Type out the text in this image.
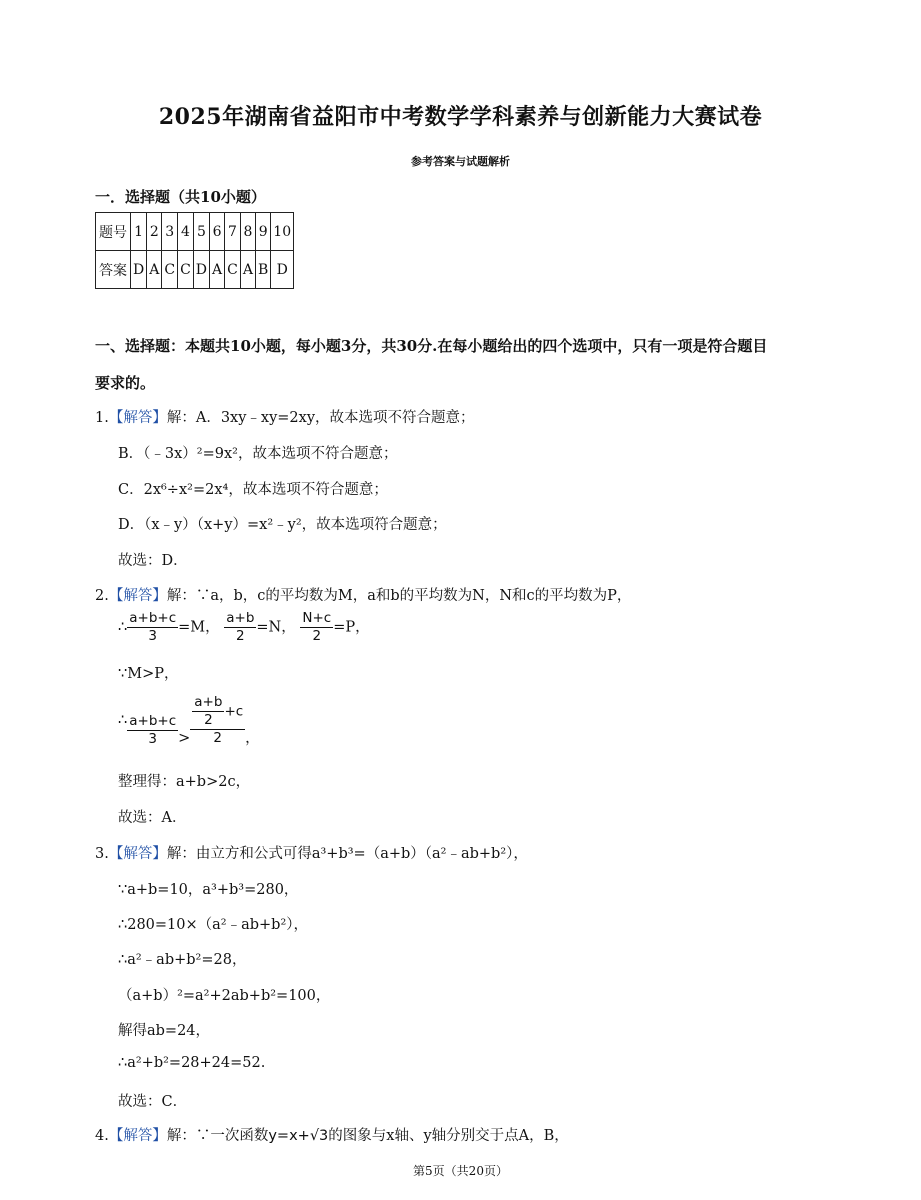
2025年湖南省益阳市中考数学学科素养与创新能力大赛试卷
参考答案与试题解析
一．选择题（共10小题）
题号	1	2	3	4	5	6	7	8	9	10
答案	D	A	C	C	D	A	C	A	B	D
一、选择题：本题共10小题，每小题3分，共30分.在每小题给出的四个选项中，只有一项是符合题目
要求的。
1.【解答】解：A．3xy﹣xy=2xy，故本选项不符合题意；
B．（﹣3x）²=9x²，故本选项不符合题意；
C．2x⁶÷x²=2x⁴，故本选项不符合题意；
D．（x﹣y）（x+y）=x²﹣y²，故本选项符合题意；
故选：D．
2.【解答】解：∵a，b，c的平均数为M，a和b的平均数为N，N和c的平均数为P，
∴ $\frac{a+b+c}{3} =M$， $\frac{a+b}{2} =N$， $\frac{N+c}{2} =P$，
∵M>P，
∴ $\frac{a+b+c}{3} > \frac{\frac{a+b}{2} +c}{2}$ ，
整理得：a+b>2c，
故选：A．
3.【解答】解：由立方和公式可得a³+b³=（a+b）（a²﹣ab+b²），
∵a+b=10，a³+b³=280，
∴280=10×（a²﹣ab+b²），
∴a²﹣ab+b²=28，
（a+b）²=a²+2ab+b²=100，
解得ab=24，
∴a²+b²=28+24=52.
故选：C．
4.【解答】解：∵一次函数y=x+√3的图象与x轴、y轴分别交于点A，B，
第5页（共20页）
